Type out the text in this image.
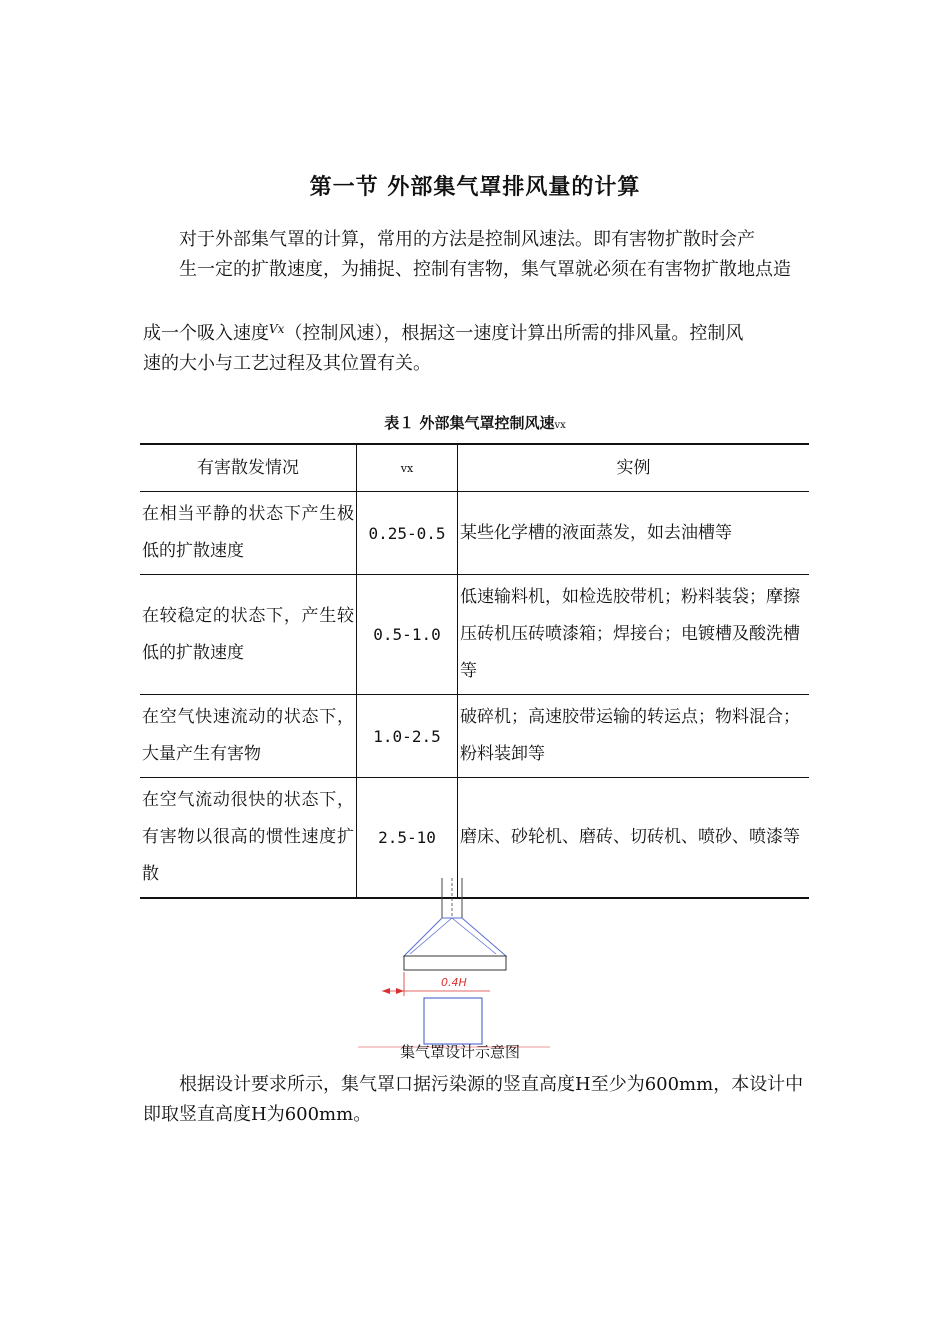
第一节 外部集气罩排风量的计算
对于外部集气罩的计算，常用的方法是控制风速法。即有害物扩散时会产
生一定的扩散速度，为捕捉、控制有害物，集气罩就必须在有害物扩散地点造
成一个吸入速度$^{Vx}$（控制风速），根据这一速度计算出所需的排风量。控制风
速的大小与工艺过程及其位置有关。
表１ 外部集气罩控制风速vx
有害散发情况	vx	实例
在相当平静的状态下产生极低的扩散速度	0.25-0.5	某些化学槽的液面蒸发，如去油槽等
在较稳定的状态下，产生较低的扩散速度	0.5-1.0	低速输料机，如检选胶带机；粉料装袋；摩擦压砖机压砖喷漆箱；焊接台；电镀槽及酸洗槽等
在空气快速流动的状态下，大量产生有害物	1.0-2.5	破碎机；高速胶带运输的转运点；物料混合；粉料装卸等
在空气流动很快的状态下，有害物以很高的惯性速度扩散	2.5-10	磨床、砂轮机、磨砖、切砖机、喷砂、喷漆等
0.4H
集气罩设计示意图

根据设计要求所示，集气罩口据污染源的竖直高度H至少为600mm，本设计中即取竖直高度H为600mm。
